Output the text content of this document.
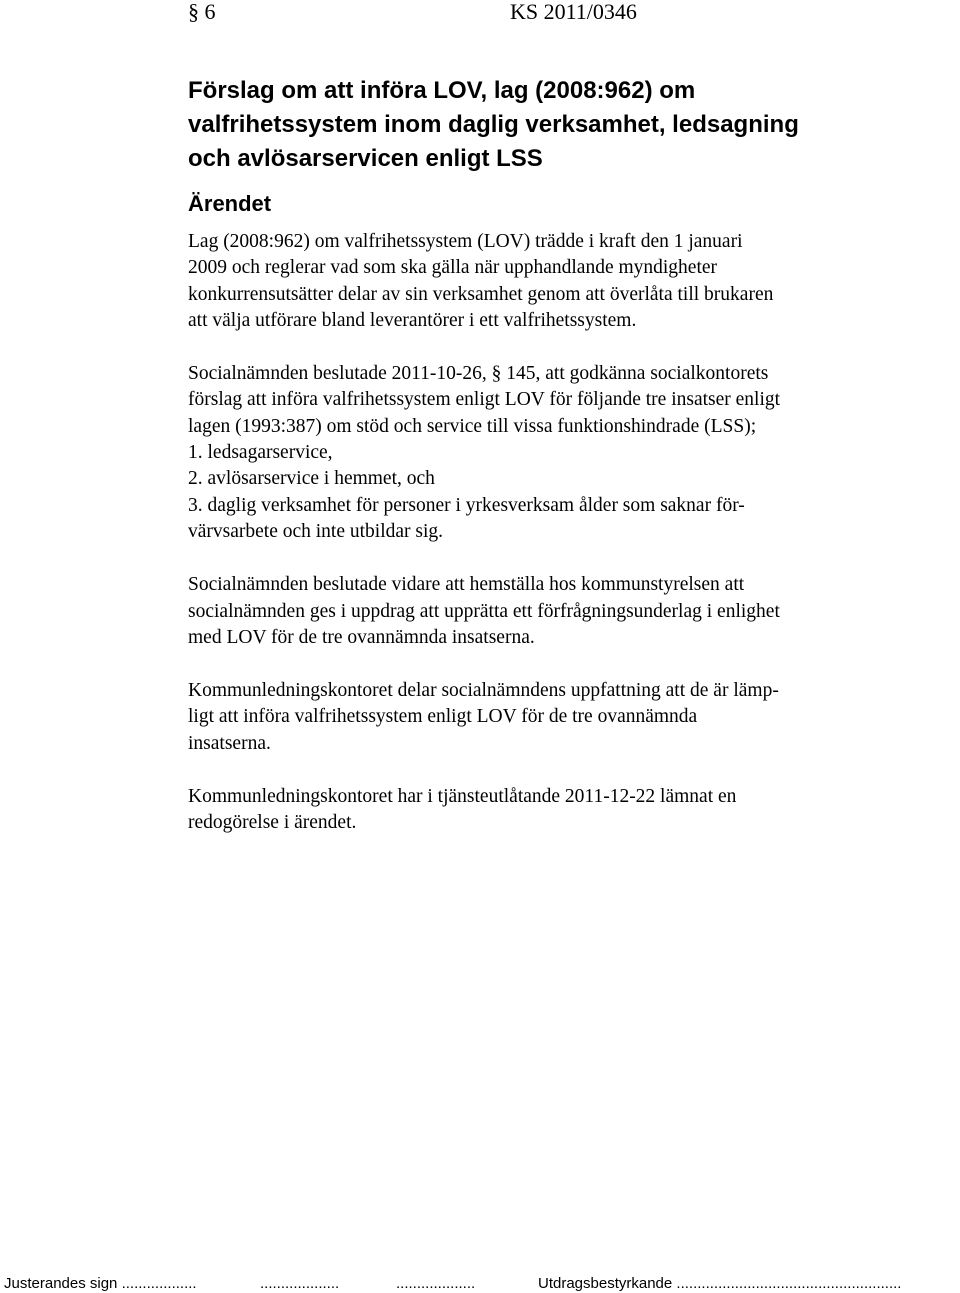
§ 6	KS 2011/0346
Förslag om att införa LOV, lag (2008:962) om
valfrihetssystem inom daglig verksamhet, ledsagning
och avlösarservicen enligt LSS
Ärendet

Lag (2008:962) om valfrihetssystem (LOV) trädde i kraft den 1 januari
2009 och reglerar vad som ska gälla när upphandlande myndigheter
konkurrensutsätter delar av sin verksamhet genom att överlåta till brukaren
att välja utförare bland leverantörer i ett valfrihetssystem.

Socialnämnden beslutade 2011-10-26, § 145, att godkänna socialkontorets
förslag att införa valfrihetssystem enligt LOV för följande tre insatser enligt
lagen (1993:387) om stöd och service till vissa funktionshindrade (LSS);
1. ledsagarservice,
2. avlösarservice i hemmet, och
3. daglig verksamhet för personer i yrkesverksam ålder som saknar för-
värvsarbete och inte utbildar sig.

Socialnämnden beslutade vidare att hemställa hos kommunstyrelsen att
socialnämnden ges i uppdrag att upprätta ett förfrågningsunderlag i enlighet
med LOV för de tre ovannämnda insatserna.

Kommunledningskontoret delar socialnämndens uppfattning att de är lämp-
ligt att införa valfrihetssystem enligt LOV för de tre ovannämnda
insatserna.

Kommunledningskontoret har i tjänsteutlåtande 2011-12-22 lämnat en
redogörelse i ärendet.

Justerandes sign ..................	...................	...................	Utdragsbestyrkande ......................................................
